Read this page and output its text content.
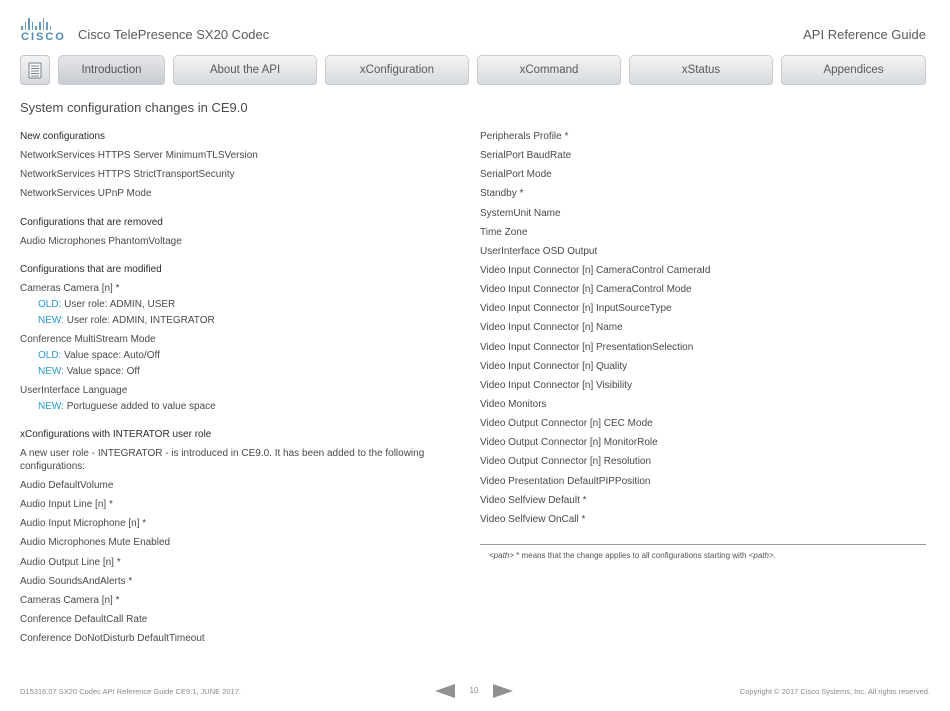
CISCO Cisco TelePresence SX20 Codec	API Reference Guide
Introduction	About the API	xConfiguration	xCommand	xStatus	Appendices
System configuration changes in CE9.0
New configurations
NetworkServices HTTPS Server MinimumTLSVersion
NetworkServices HTTPS StrictTransportSecurity
NetworkServices UPnP Mode
Configurations that are removed
Audio Microphones PhantomVoltage
Configurations that are modified
Cameras Camera [n] *
OLD: User role: ADMIN, USER
NEW: User role: ADMIN, INTEGRATOR
Conference MultiStream Mode
OLD: Value space: Auto/Off
NEW: Value space: Off
UserInterface Language
NEW: Portuguese added to value space
xConfigurations with INTERATOR user role
A new user role - INTEGRATOR - is introduced in CE9.0. It has been added to the following configurations:
Audio DefaultVolume
Audio Input Line [n] *
Audio Input Microphone [n] *
Audio Microphones Mute Enabled
Audio Output Line [n] *
Audio SoundsAndAlerts *
Cameras Camera [n] *
Conference DefaultCall Rate
Conference DoNotDisturb DefaultTimeout
Peripherals Profile *
SerialPort BaudRate
SerialPort Mode
Standby *
SystemUnit Name
Time Zone
UserInterface OSD Output
Video Input Connector [n] CameraControl CameraId
Video Input Connector [n] CameraControl Mode
Video Input Connector [n] InputSourceType
Video Input Connector [n] Name
Video Input Connector [n] PresentationSelection
Video Input Connector [n] Quality
Video Input Connector [n] Visibility
Video Monitors
Video Output Connector [n] CEC Mode
Video Output Connector [n] MonitorRole
Video Output Connector [n] Resolution
Video Presentation DefaultPIPPosition
Video Selfview Default *
Video Selfview OnCall *
<path> * means that the change applies to all configurations starting with <path>.
D15316.07 SX20 Codec API Reference Guide CE9.1, JUNE 2017.	10	Copyright © 2017 Cisco Systems, Inc. All rights reserved.
